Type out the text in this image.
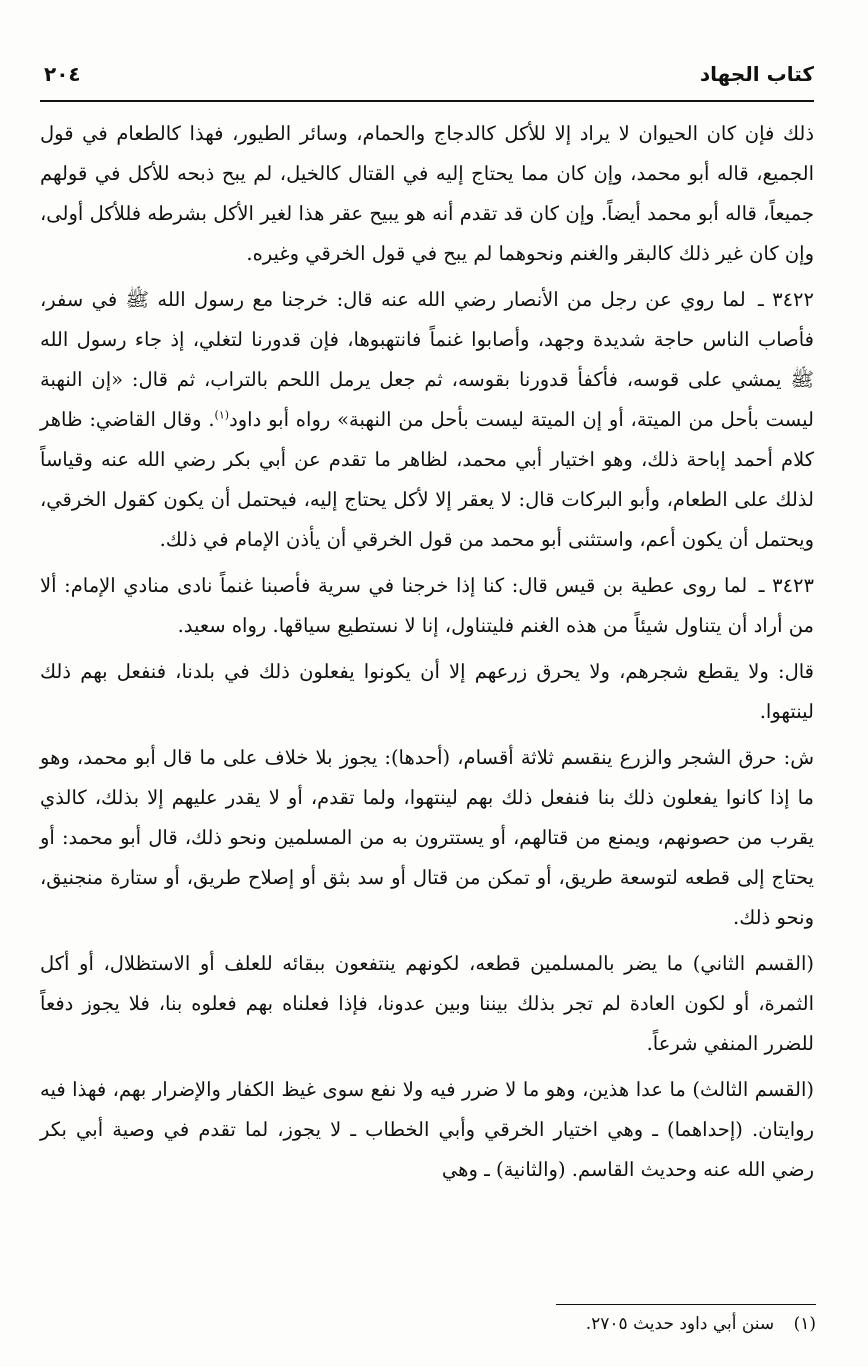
كتاب الجهاد
٢٠٤

ذلك فإن كان الحيوان لا يراد إلا للأكل كالدجاج والحمام، وسائر الطيور، فهذا كالطعام في قول الجميع، قاله أبو محمد، وإن كان مما يحتاج إليه في القتال كالخيل، لم يبح ذبحه للأكل في قولهم جميعاً، قاله أبو محمد أيضاً. وإن كان قد تقدم أنه هو يبيح عقر هذا لغير الأكل بشرطه فللأكل أولى، وإن كان غير ذلك كالبقر والغنم ونحوهما لم يبح في قول الخرقي وغيره.

٣٤٢٢ ـ لما روي عن رجل من الأنصار رضي الله عنه قال: خرجنا مع رسول الله ﷺ في سفر، فأصاب الناس حاجة شديدة وجهد، وأصابوا غنماً فانتهبوها، فإن قدورنا لتغلي، إذ جاء رسول الله ﷺ يمشي على قوسه، فأكفأ قدورنا بقوسه، ثم جعل يرمل اللحم بالتراب، ثم قال: «إن النهبة ليست بأحل من الميتة، أو إن الميتة ليست بأحل من النهبة» رواه أبو داود$^{(١)}$. وقال القاضي: ظاهر كلام أحمد إباحة ذلك، وهو اختيار أبي محمد، لظاهر ما تقدم عن أبي بكر رضي الله عنه وقياساً لذلك على الطعام، وأبو البركات قال: لا يعقر إلا لأكل يحتاج إليه، فيحتمل أن يكون كقول الخرقي، ويحتمل أن يكون أعم، واستثنى أبو محمد من قول الخرقي أن يأذن الإمام في ذلك.

٣٤٢٣ ـ لما روى عطية بن قيس قال: كنا إذا خرجنا في سرية فأصبنا غنماً نادى منادي الإمام: ألا من أراد أن يتناول شيئاً من هذه الغنم فليتناول، إنا لا نستطيع سياقها. رواه سعيد.

قال: ولا يقطع شجرهم، ولا يحرق زرعهم إلا أن يكونوا يفعلون ذلك في بلدنا، فنفعل بهم ذلك لينتهوا.

ش: حرق الشجر والزرع ينقسم ثلاثة أقسام، (أحدها): يجوز بلا خلاف على ما قال أبو محمد، وهو ما إذا كانوا يفعلون ذلك بنا فنفعل ذلك بهم لينتهوا، ولما تقدم، أو لا يقدر عليهم إلا بذلك، كالذي يقرب من حصونهم، ويمنع من قتالهم، أو يستترون به من المسلمين ونحو ذلك، قال أبو محمد: أو يحتاج إلى قطعه لتوسعة طريق، أو تمكن من قتال أو سد بثق أو إصلاح طريق، أو ستارة منجنيق، ونحو ذلك.

(القسم الثاني) ما يضر بالمسلمين قطعه، لكونهم ينتفعون ببقائه للعلف أو الاستظلال، أو أكل الثمرة، أو لكون العادة لم تجر بذلك بيننا وبين عدونا، فإذا فعلناه بهم فعلوه بنا، فلا يجوز دفعاً للضرر المنفي شرعاً.

(القسم الثالث) ما عدا هذين، وهو ما لا ضرر فيه ولا نفع سوى غيظ الكفار والإضرار بهم، فهذا فيه روايتان. (إحداهما) ـ وهي اختيار الخرقي وأبي الخطاب ـ لا يجوز، لما تقدم في وصية أبي بكر رضي الله عنه وحديث القاسم. (والثانية) ـ وهي

(١) سنن أبي داود حديث ٢٧٠٥.
